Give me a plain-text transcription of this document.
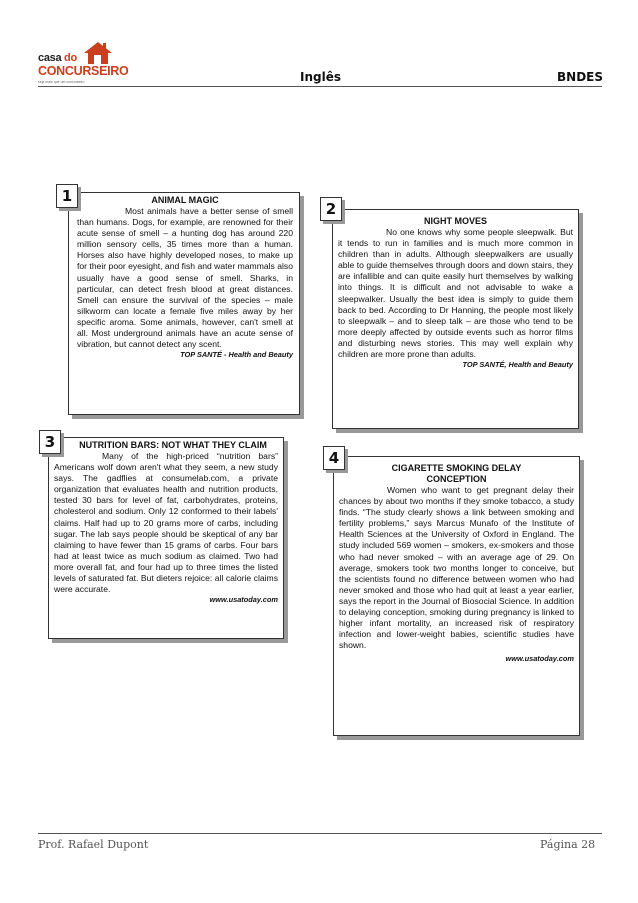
casa do
CONCURSEIRO
seja mais que um concurseiro	Inglês	BNDES
ANIMAL MAGIC
Most animals have a better sense of smell than humans. Dogs, for example, are renowned for their acute sense of smell – a hunting dog has around 220 million sensory cells, 35 times more than a human. Horses also have highly developed noses, to make up for their poor eyesight, and fish and water mammals also usually have a good sense of smell. Sharks, in particular, can detect fresh blood at great distances. Smell can ensure the survival of the species – male silkworm can locate a female five miles away by her specific aroma. Some animals, however, can't smell at all. Most underground animals have an acute sense of vibration, but cannot detect any scent.
TOP SANTÉ - Health and Beauty
1
NIGHT MOVES
No one knows why some people sleepwalk. But it tends to run in families and is much more common in children than in adults. Although sleepwalkers are usually able to guide themselves through doors and down stairs, they are infallible and can quite easily hurt themselves by walking into things. It is difficult and not advisable to wake a sleepwalker. Usually the best idea is simply to guide them back to bed. According to Dr Hanning, the people most likely to sleepwalk – and to sleep talk – are those who tend to be more deeply affected by outside events such as horror films and disturbing news stories. This may well explain why children are more prone than adults.
TOP SANTÉ, Health and Beauty
2
NUTRITION BARS: NOT WHAT THEY CLAIM
Many of the high-priced “nutrition bars” Americans wolf down aren't what they seem, a new study says. The gadflies at consumelab.com, a private organization that evaluates health and nutrition products, tested 30 bars for level of fat, carbohydrates, proteins, cholesterol and sodium. Only 12 conformed to their labels' claims. Half had up to 20 grams more of carbs, including sugar. The lab says people should be skeptical of any bar claiming to have fewer than 15 grams of carbs. Four bars had at least twice as much sodium as claimed. Two had more overall fat, and four had up to three times the listed levels of saturated fat. But dieters rejoice: all calorie claims were accurate.
www.usatoday.com
3
CIGARETTE SMOKING DELAY CONCEPTION
Women who want to get pregnant delay their chances by about two months if they smoke tobacco, a study finds. “The study clearly shows a link between smoking and fertility problems,” says Marcus Munafo of the Institute of Health Sciences at the University of Oxford in England. The study included 569 women – smokers, ex-smokers and those who had never smoked – with an average age of 29. On average, smokers took two months longer to conceive, but the scientists found no difference between women who had never smoked and those who had quit at least a year earlier, says the report in the Journal of Biosocial Science. In addition to delaying conception, smoking during pregnancy is linked to higher infant mortality, an increased risk of respiratory infection and lower-weight babies, scientific studies have shown.
www.usatoday.com
4
Prof. Rafael Dupont	Página 28
